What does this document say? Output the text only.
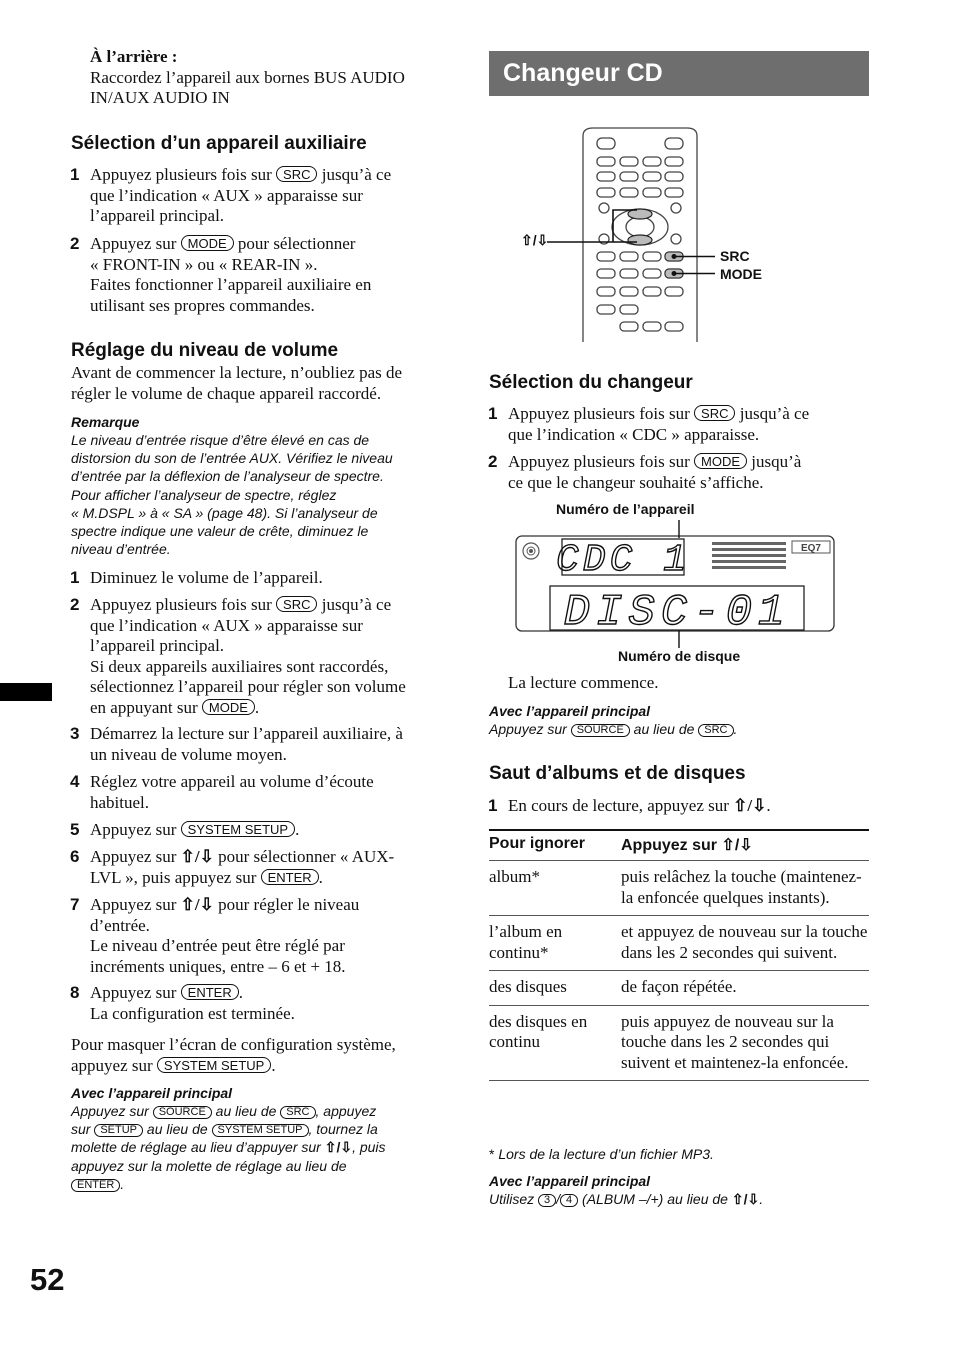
À l’arrière :
Raccordez l’appareil aux bornes BUS AUDIO
IN/AUX AUDIO IN
Sélection d’un appareil auxiliaire
1 Appuyez plusieurs fois sur SRC jusqu’à ce
que l’indication « AUX » apparaisse sur
l’appareil principal.
2 Appuyez sur MODE pour sélectionner
« FRONT-IN » ou « REAR-IN ».
Faites fonctionner l’appareil auxiliaire en
utilisant ses propres commandes.
Réglage du niveau de volume
Avant de commencer la lecture, n’oubliez pas de
régler le volume de chaque appareil raccordé.
Remarque
Le niveau d’entrée risque d’être élevé en cas de
distorsion du son de l’entrée AUX. Vérifiez le niveau
d’entrée par la déflexion de l’analyseur de spectre.
Pour afficher l’analyseur de spectre, réglez
« M.DSPL » à « SA » (page 48). Si l’analyseur de
spectre indique une valeur de crête, diminuez le
niveau d’entrée.
1 Diminuez le volume de l’appareil.
2 Appuyez plusieurs fois sur SRC jusqu’à ce
que l’indication « AUX » apparaisse sur
l’appareil principal.
Si deux appareils auxiliaires sont raccordés,
sélectionnez l’appareil pour régler son volume
en appuyant sur MODE .
3 Démarrez la lecture sur l’appareil auxiliaire, à
un niveau de volume moyen.
4 Réglez votre appareil au volume d’écoute
habituel.
5 Appuyez sur SYSTEM SETUP .
6 Appuyez sur ⇧/⇩ pour sélectionner « AUX-
LVL », puis appuyez sur ENTER .
7 Appuyez sur ⇧/⇩ pour régler le niveau
d’entrée.
Le niveau d’entrée peut être réglé par
incréments uniques, entre – 6 et + 18.
8 Appuyez sur ENTER .
La configuration est terminée.
Pour masquer l’écran de configuration système,
appuyez sur SYSTEM SETUP .
Avec l’appareil principal
Appuyez sur SOURCE au lieu de SRC , appuyez
sur SETUP au lieu de SYSTEM SETUP , tournez la
molette de réglage au lieu d’appuyer sur ⇧/⇩, puis
appuyez sur la molette de réglage au lieu de
ENTER .
52
Changeur CD
⇧/⇩
SRC
MODE
Sélection du changeur
1 Appuyez plusieurs fois sur SRC jusqu’à ce
que l’indication « CDC » apparaisse.
2 Appuyez plusieurs fois sur MODE jusqu’à
ce que le changeur souhaité s’affiche.
Numéro de l’appareil
CDC 1	EQ7
DISC-01
Numéro de disque
La lecture commence.
Avec l’appareil principal
Appuyez sur SOURCE au lieu de SRC .
Saut d’albums et de disques
1 En cours de lecture, appuyez sur ⇧/⇩.
Pour ignorer	Appuyez sur ⇧/⇩
album*	puis relâchez la touche (maintenez-la enfoncée quelques instants).
l’album en continu*	et appuyez de nouveau sur la touche dans les 2 secondes qui suivent.
des disques	de façon répétée.
des disques en continu	puis appuyez de nouveau sur la touche dans les 2 secondes qui suivent et maintenez-la enfoncée.
* Lors de la lecture d’un fichier MP3.
Avec l’appareil principal
Utilisez 3 / 4 (ALBUM –/+) au lieu de ⇧/⇩.
